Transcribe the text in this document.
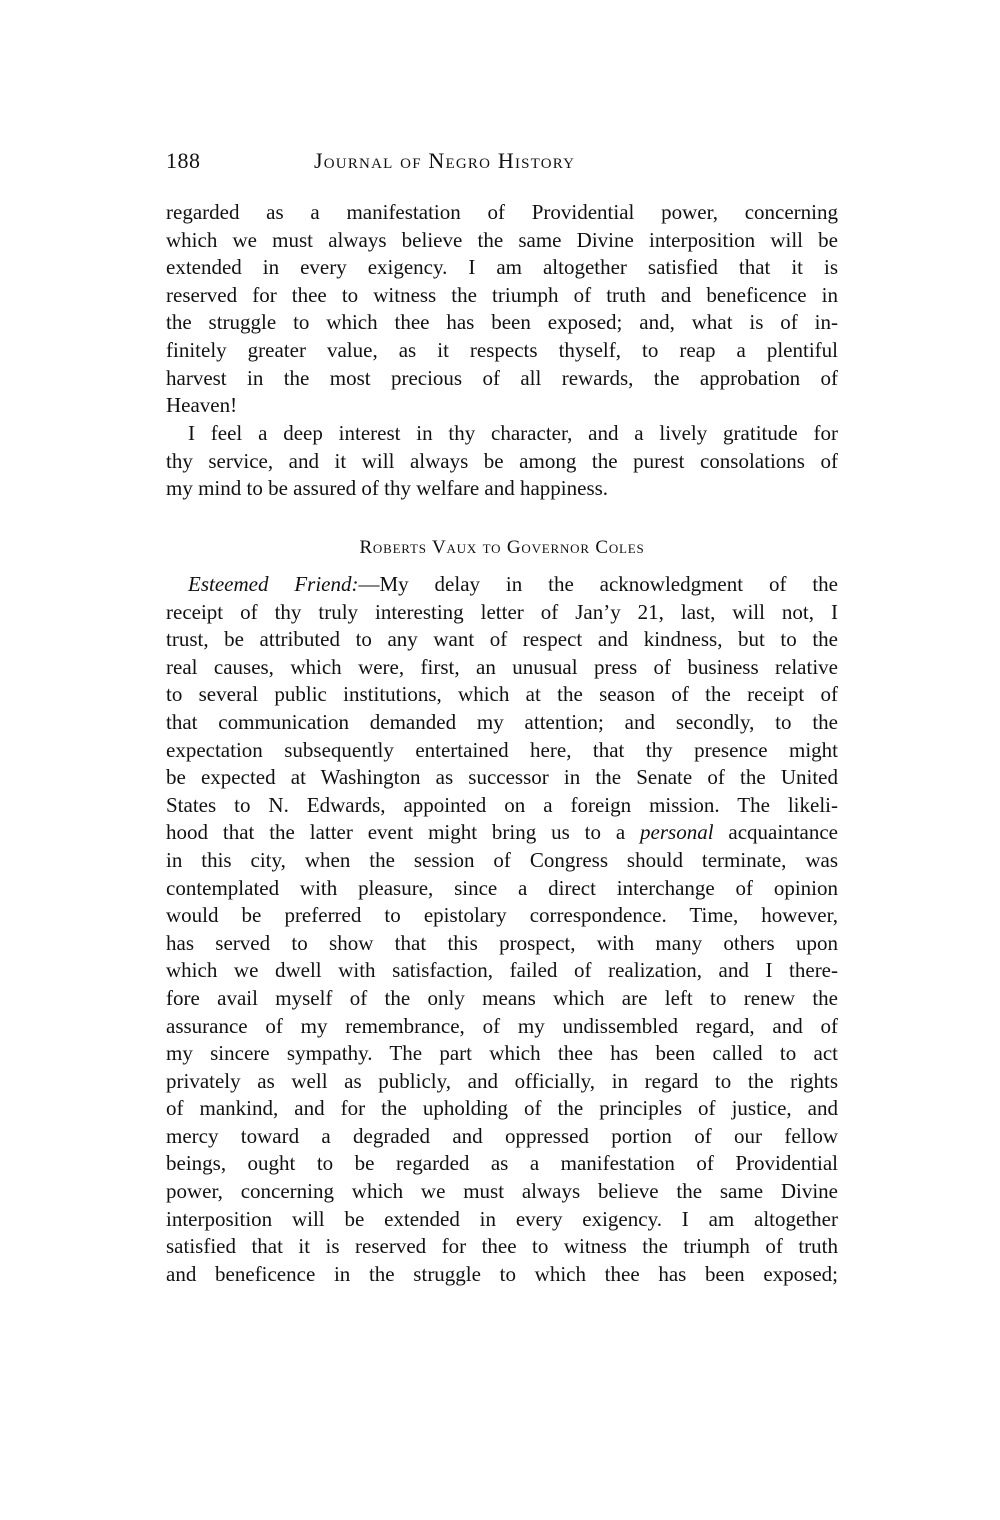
188	Journal of Negro History
regarded as a manifestation of Providential power, concerning
which we must always believe the same Divine interposition will be
extended in every exigency. I am altogether satisfied that it is
reserved for thee to witness the triumph of truth and beneficence in
the struggle to which thee has been exposed; and, what is of in-
finitely greater value, as it respects thyself, to reap a plentiful
harvest in the most precious of all rewards, the approbation of
Heaven!
I feel a deep interest in thy character, and a lively gratitude for
thy service, and it will always be among the purest consolations of
my mind to be assured of thy welfare and happiness.
Roberts Vaux to Governor Coles
Esteemed Friend:—My delay in the acknowledgment of the
receipt of thy truly interesting letter of Jan’y 21, last, will not, I
trust, be attributed to any want of respect and kindness, but to the
real causes, which were, first, an unusual press of business relative
to several public institutions, which at the season of the receipt of
that communication demanded my attention; and secondly, to the
expectation subsequently entertained here, that thy presence might
be expected at Washington as successor in the Senate of the United
States to N. Edwards, appointed on a foreign mission. The likeli-
hood that the latter event might bring us to a personal acquaintance
in this city, when the session of Congress should terminate, was
contemplated with pleasure, since a direct interchange of opinion
would be preferred to epistolary correspondence. Time, however,
has served to show that this prospect, with many others upon
which we dwell with satisfaction, failed of realization, and I there-
fore avail myself of the only means which are left to renew the
assurance of my remembrance, of my undissembled regard, and of
my sincere sympathy. The part which thee has been called to act
privately as well as publicly, and officially, in regard to the rights
of mankind, and for the upholding of the principles of justice, and
mercy toward a degraded and oppressed portion of our fellow
beings, ought to be regarded as a manifestation of Providential
power, concerning which we must always believe the same Divine
interposition will be extended in every exigency. I am altogether
satisfied that it is reserved for thee to witness the triumph of truth
and beneficence in the struggle to which thee has been exposed;
